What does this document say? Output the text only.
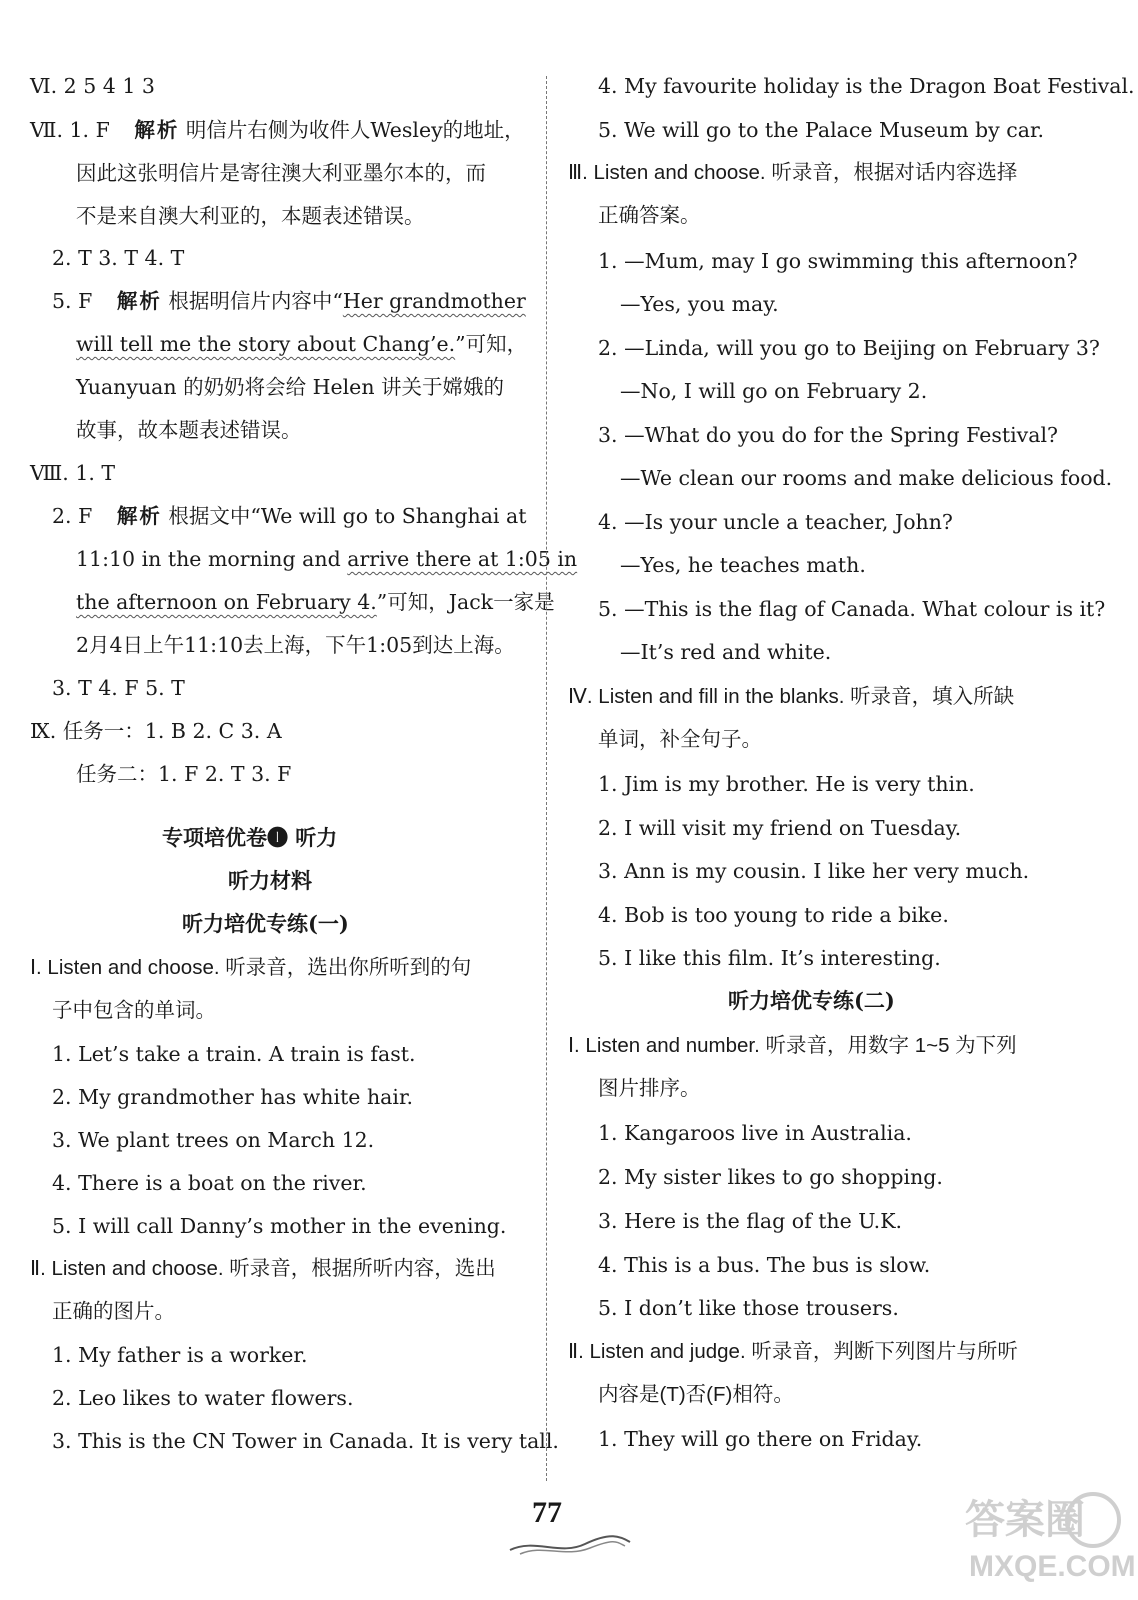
Ⅵ. 2 5 4 1 3
Ⅶ. 1. F 解析 明信片右侧为收件人Wesley的地址，
因此这张明信片是寄往澳大利亚墨尔本的，而
不是来自澳大利亚的，本题表述错误。
2. T 3. T 4. T
5. F 解析 根据明信片内容中“Her grandmother
will tell me the story about Chang’e.”可知，
Yuanyuan 的奶奶将会给 Helen 讲关于嫦娥的
故事，故本题表述错误。
Ⅷ. 1. T
2. F 解析 根据文中“We will go to Shanghai at
11:10 in the morning and arrive there at 1:05 in
the afternoon on February 4.”可知，Jack一家是
2月4日上午11:10去上海，下午1:05到达上海。
3. T 4. F 5. T
Ⅸ. 任务一：1. B 2. C 3. A
任务二：1. F 2. T 3. F
专项培优卷❶ 听力
听力材料
听力培优专练(一)
Ⅰ. Listen and choose. 听录音，选出你所听到的句
子中包含的单词。
1. Let’s take a train. A train is fast.
2. My grandmother has white hair.
3. We plant trees on March 12.
4. There is a boat on the river.
5. I will call Danny’s mother in the evening.
Ⅱ. Listen and choose. 听录音，根据所听内容，选出
正确的图片。
1. My father is a worker.
2. Leo likes to water flowers.
3. This is the CN Tower in Canada. It is very tall.
4. My favourite holiday is the Dragon Boat Festival.
5. We will go to the Palace Museum by car.
Ⅲ. Listen and choose. 听录音，根据对话内容选择
正确答案。
1. —Mum, may I go swimming this afternoon?
—Yes, you may.
2. —Linda, will you go to Beijing on February 3?
—No, I will go on February 2.
3. —What do you do for the Spring Festival?
—We clean our rooms and make delicious food.
4. —Is your uncle a teacher, John?
—Yes, he teaches math.
5. —This is the flag of Canada. What colour is it?
—It’s red and white.
Ⅳ. Listen and fill in the blanks. 听录音，填入所缺
单词，补全句子。
1. Jim is my brother. He is very thin.
2. I will visit my friend on Tuesday.
3. Ann is my cousin. I like her very much.
4. Bob is too young to ride a bike.
5. I like this film. It’s interesting.
听力培优专练(二)
Ⅰ. Listen and number. 听录音，用数字 1~5 为下列
图片排序。
1. Kangaroos live in Australia.
2. My sister likes to go shopping.
3. Here is the flag of the U.K.
4. This is a bus. The bus is slow.
5. I don’t like those trousers.
Ⅱ. Listen and judge. 听录音，判断下列图片与所听
内容是(T)否(F)相符。
1. They will go there on Friday.
77	答案圈
MXQE.COM
